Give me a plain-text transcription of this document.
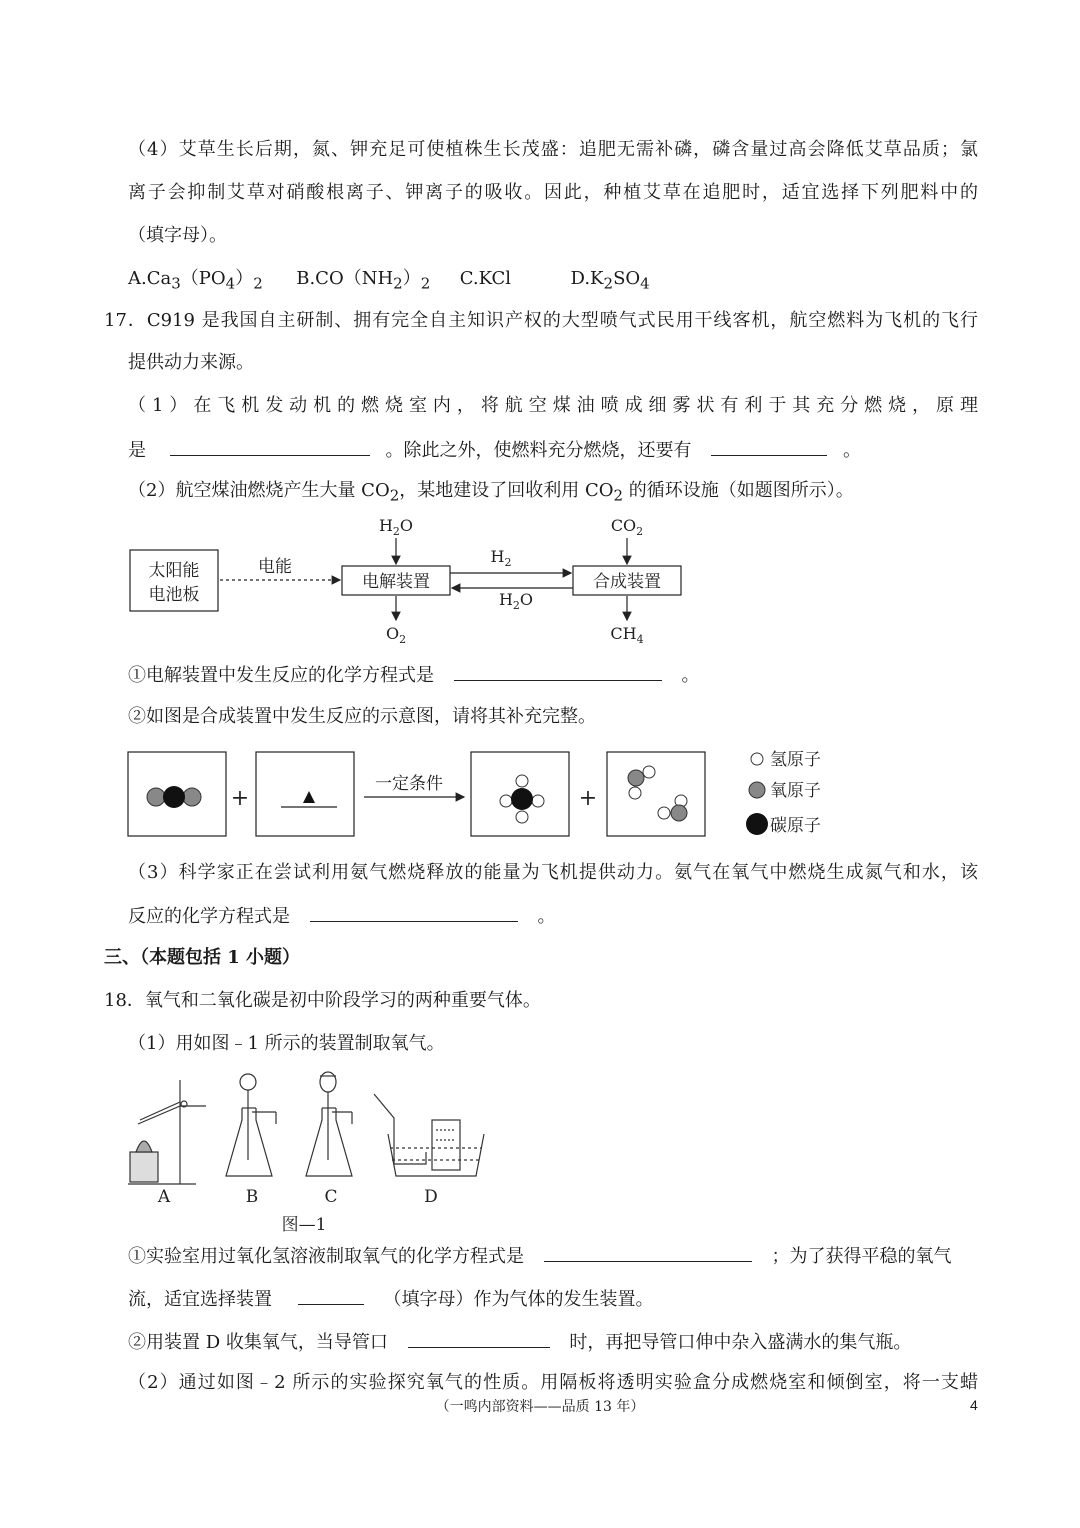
（4）艾草生长后期，氮、钾充足可使植株生长茂盛：追肥无需补磷，磷含量过高会降低艾草品质；氯
离子会抑制艾草对硝酸根离子、钾离子的吸收。因此，种植艾草在追肥时，适宜选择下列肥料中的
（填字母）。
$A.Ca_3(PO_4)_2$ $B.CO(NH_2)_2$ C.KCl	$D.K_2SO_4$
17．C919 是我国自主研制、拥有完全自主知识产权的大型喷气式民用干线客机，航空燃料为飞机的飞行
提供动力来源。
（1）在飞机发动机的燃烧室内，将航空煤油喷成细雾状有利于其充分燃烧，原理
是	。除此之外，使燃料充分燃烧，还要有	。
（2）航空煤油燃烧产生大量 $CO_2$，某地建设了回收利用 $CO_2$ 的循环设施（如题图所示）。
太阳能
电池板
电能
电解装置	合成装置
$H_2$
$H_2O$
$H_2O$	$CO_2$
$O_2$	$CH_4$
①电解装置中发生反应的化学方程式是	。
②如图是合成装置中发生反应的示意图，请将其补充完整。
+
一定条件
+
氢原子
氧原子
碳原子
（3）科学家正在尝试利用氨气燃烧释放的能量为飞机提供动力。氨气在氧气中燃烧生成氮气和水，该
反应的化学方程式是	。
三、（本题包括 1 小题）
18．氧气和二氧化碳是初中阶段学习的两种重要气体。
（1）用如图﹣1 所示的装置制取氧气。
A	B	C	D
图—1
①实验室用过氧化氢溶液制取氧气的化学方程式是	；为了获得平稳的氧气
流，适宜选择装置	（填字母）作为气体的发生装置。
②用装置 D 收集氧气，当导管口	时，再把导管口伸中杂入盛满水的集气瓶。
（2）通过如图﹣2 所示的实验探究氧气的性质。用隔板将透明实验盒分成燃烧室和倾倒室，将一支蜡
（一鸣内部资料——品质 13 年）	4
